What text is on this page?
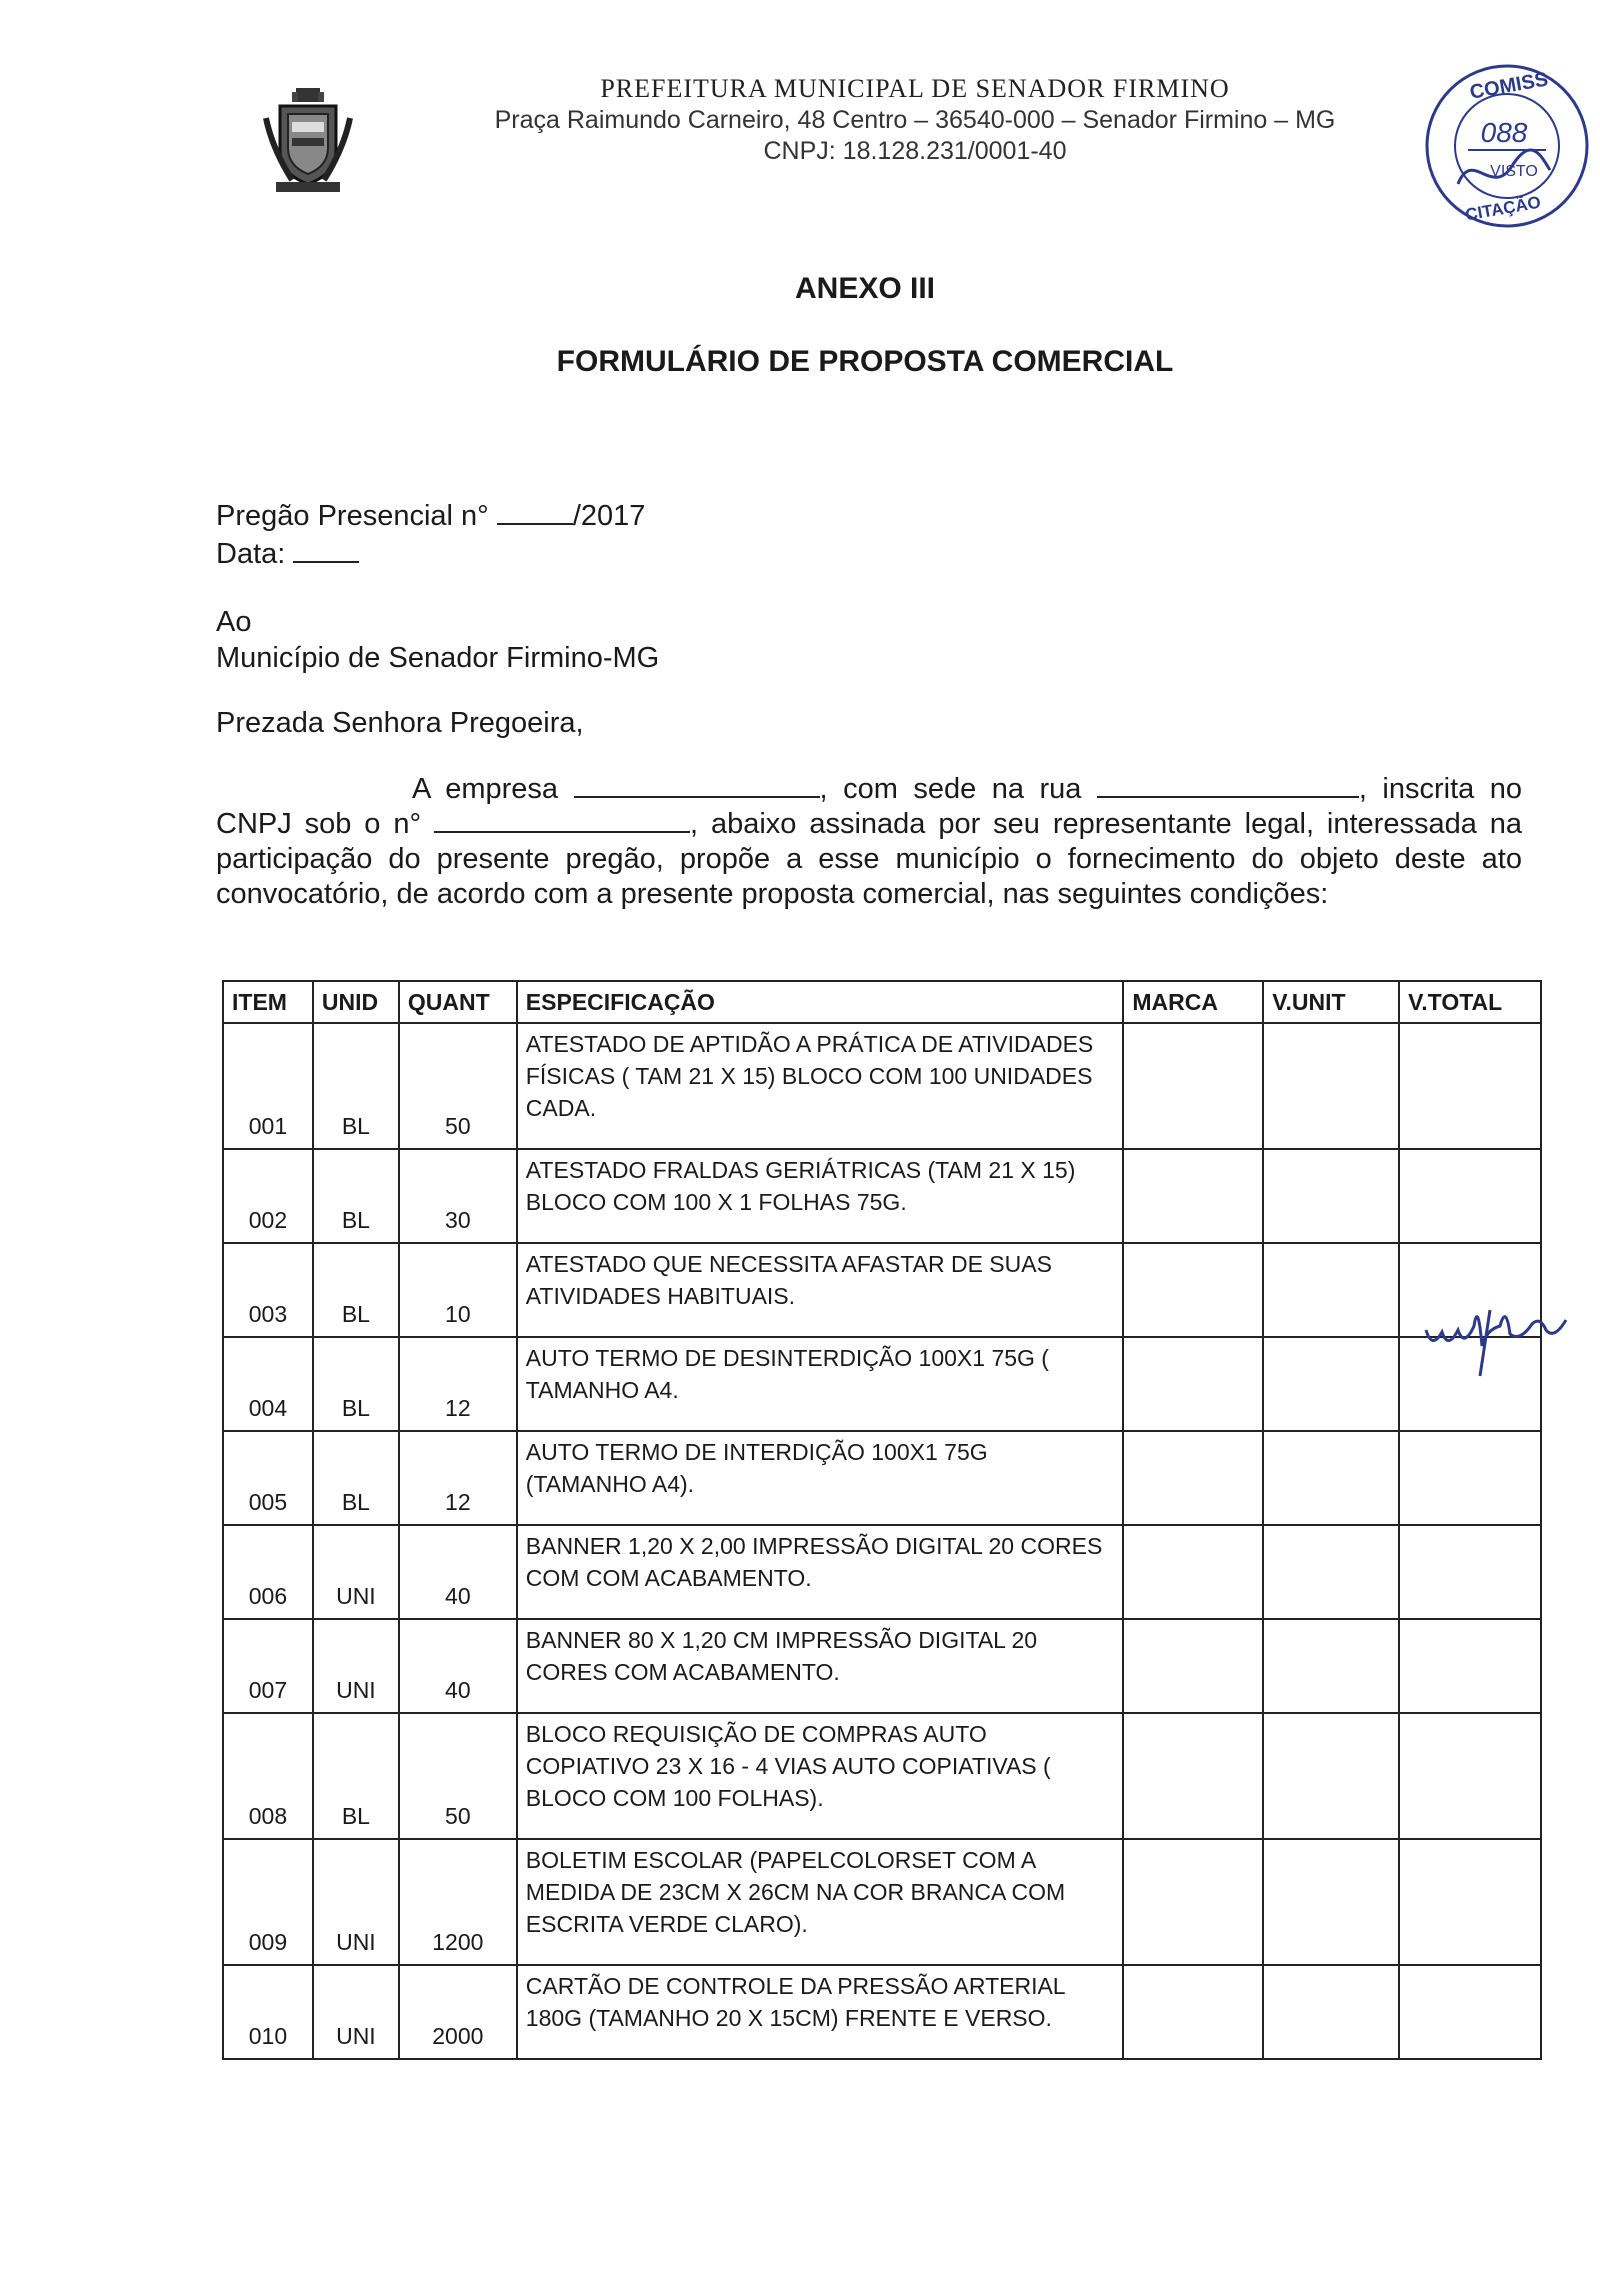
PREFEITURA MUNICIPAL DE SENADOR FIRMINO
Praça Raimundo Carneiro, 48 Centro – 36540-000 – Senador Firmino – MG
CNPJ: 18.128.231/0001-40
COMISS
088
VISTO
CITAÇÃO
ANEXO III
FORMULÁRIO DE PROPOSTA COMERCIAL
Pregão Presencial n°	/2017
Data:
Ao
Município de Senador Firmino-MG
Prezada Senhora Pregoeira,
A empresa	, com sede na rua	, inscrita no CNPJ sob o n°	, abaixo assinada por seu representante legal, interessada na participação do presente pregão, propõe a esse município o fornecimento do objeto deste ato convocatório, de acordo com a presente proposta comercial, nas seguintes condições:
ITEM	UNID	QUANT	ESPECIFICAÇÃO	MARCA	V.UNIT	V.TOTAL
001	BL	50	ATESTADO DE APTIDÃO A PRÁTICA DE ATIVIDADES FÍSICAS ( TAM 21 X 15) BLOCO COM 100 UNIDADES CADA.			
002	BL	30	ATESTADO FRALDAS GERIÁTRICAS (TAM 21 X 15) BLOCO COM 100 X 1 FOLHAS 75G.			
003	BL	10	ATESTADO QUE NECESSITA AFASTAR DE SUAS ATIVIDADES HABITUAIS.			
004	BL	12	AUTO TERMO DE DESINTERDIÇÃO 100X1 75G ( TAMANHO A4.			
005	BL	12	AUTO TERMO DE INTERDIÇÃO 100X1 75G (TAMANHO A4).			
006	UNI	40	BANNER 1,20 X 2,00 IMPRESSÃO DIGITAL 20 CORES COM COM ACABAMENTO.			
007	UNI	40	BANNER 80 X 1,20 CM IMPRESSÃO DIGITAL 20 CORES COM ACABAMENTO.			
008	BL	50	BLOCO REQUISIÇÃO DE COMPRAS AUTO COPIATIVO 23 X 16 - 4 VIAS AUTO COPIATIVAS ( BLOCO COM 100 FOLHAS).			
009	UNI	1200	BOLETIM ESCOLAR (PAPELCOLORSET COM A MEDIDA DE 23CM X 26CM NA COR BRANCA COM ESCRITA VERDE CLARO).			
010	UNI	2000	CARTÃO DE CONTROLE DA PRESSÃO ARTERIAL 180G (TAMANHO 20 X 15CM) FRENTE E VERSO.			
